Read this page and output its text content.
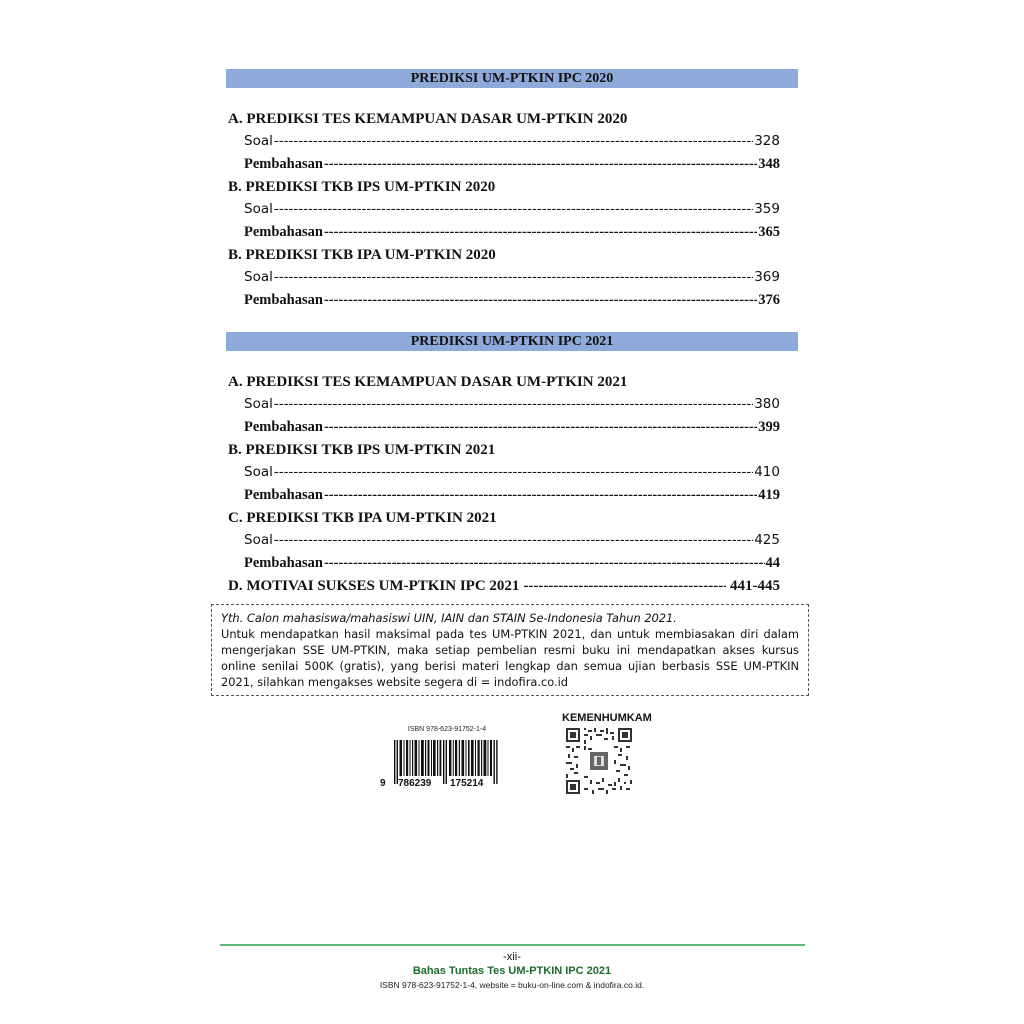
PREDIKSI UM-PTKIN IPC 2020
A. PREDIKSI TES KEMAMPUAN DASAR UM-PTKIN 2020
Soal -----	328
Pembahasan -----	348
B. PREDIKSI TKB IPS UM-PTKIN 2020
Soal -----	359
Pembahasan -----	365
B. PREDIKSI TKB IPA UM-PTKIN 2020
Soal -----	369
Pembahasan -----	376
PREDIKSI UM-PTKIN IPC 2021
A. PREDIKSI TES KEMAMPUAN DASAR UM-PTKIN 2021
Soal -----	380
Pembahasan -----	399
B. PREDIKSI TKB IPS UM-PTKIN 2021
Soal -----	410
Pembahasan -----	419
C. PREDIKSI TKB IPA UM-PTKIN 2021
Soal -----	425
Pembahasan -----	44
D. MOTIVAI SUKSES UM-PTKIN IPC 2021 -----	441-445
Yth. Calon mahasiswa/mahasiswi UIN, IAIN dan STAIN Se-Indonesia Tahun 2021.
Untuk mendapatkan hasil maksimal pada tes UM-PTKIN 2021, dan untuk membiasakan diri dalam mengerjakan SSE UM-PTKIN, maka setiap pembelian resmi buku ini mendapatkan akses kursus online senilai 500K (gratis), yang berisi materi lengkap dan semua ujian berbasis SSE UM-PTKIN 2021, silahkan mengakses website segera di = indofira.co.id
ISBN 978-623-91752-1-4
9 786239 175214
KEMENHUMKAM
-xii-
Bahas Tuntas Tes UM-PTKIN IPC 2021
ISBN 978-623-91752-1-4, website = buku-on-line.com & indofira.co.id.
